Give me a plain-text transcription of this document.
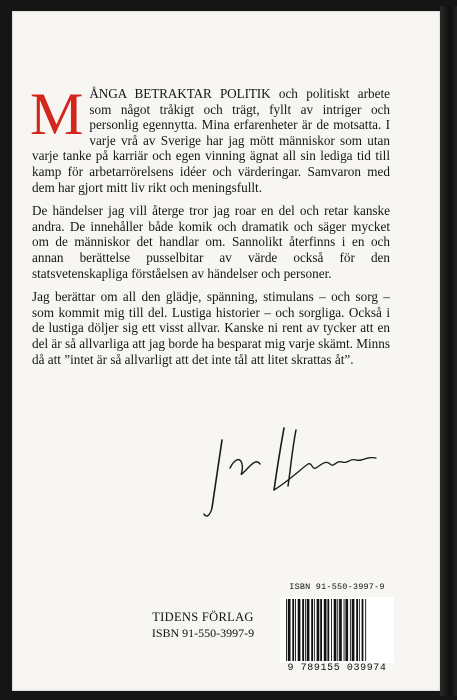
MÅNGA BETRAKTAR POLITIK och politiskt arbete som något tråkigt och trägt, fyllt av intriger och personlig egennytta. Mina erfarenheter är de motsatta. I varje vrå av Sverige har jag mött människor som utan varje tanke på karriär och egen vinning ägnat all sin lediga tid till kamp för arbetarrörelsens idéer och värderingar. Samvaron med dem har gjort mitt liv rikt och meningsfullt.

De händelser jag vill återge tror jag roar en del och retar kanske andra. De innehåller både komik och dramatik och säger mycket om de människor det handlar om. Sannolikt återfinns i en och annan berättelse pusselbitar av värde också för den statsvetenskapliga förståelsen av händelser och personer.

Jag berättar om all den glädje, spänning, stimulans – och sorg – som kommit mig till del. Lustiga historier – och sorgliga. Också i de lustiga döljer sig ett visst allvar. Kanske ni rent av tycker att en del är så allvarliga att jag borde ha besparat mig varje skämt. Minns då att ”intet är så allvarligt att det inte tål att litet skrattas åt”.

TIDENS FÖRLAG
ISBN 91-550-3997-9
ISBN 91-550-3997-9
9 789155 039974
